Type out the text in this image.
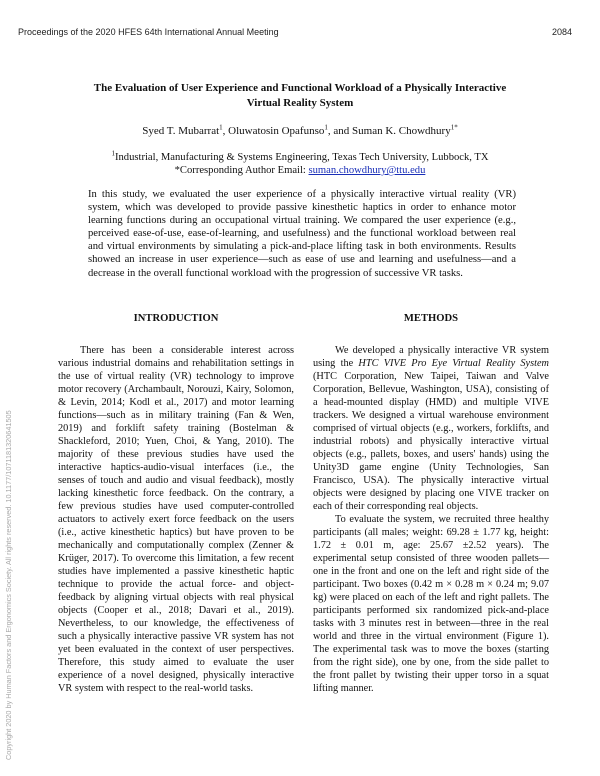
Proceedings of the 2020 HFES 64th International Annual Meeting	2084
Copyright 2020 by Human Factors and Ergonomics Society. All rights reserved. 10.1177/1071181320641505
The Evaluation of User Experience and Functional Workload of a Physically Interactive Virtual Reality System
Syed T. Mubarrat$^1$, Oluwatosin Opafunso$^1$, and Suman K. Chowdhury$^{1*}$
$^1$Industrial, Manufacturing & Systems Engineering, Texas Tech University, Lubbock, TX
*Corresponding Author Email: suman.chowdhury@ttu.edu
In this study, we evaluated the user experience of a physically interactive virtual reality (VR) system, which was developed to provide passive kinesthetic haptics in order to enhance motor learning functions during an occupational virtual training. We compared the user experience (e.g., perceived ease-of-use, ease-of-learning, and usefulness) and the functional workload between real and virtual environments by simulating a pick-and-place lifting task in both environments. Results showed an increase in user experience—such as ease of use and learning and usefulness—and a decrease in the overall functional workload with the progression of successive VR tasks.
INTRODUCTION

There has been a considerable interest across various industrial domains and rehabilitation settings in the use of virtual reality (VR) technology to improve motor recovery (Archambault, Norouzi, Kairy, Solomon, & Levin, 2014; Kodl et al., 2017) and motor learning functions—such as in military training (Fan & Wen, 2019) and forklift safety training (Bostelman & Shackleford, 2010; Yuen, Choi, & Yang, 2010). The majority of these previous studies have used the interactive haptics-audio-visual interfaces (i.e., the senses of touch and audio and visual feedback), mostly lacking kinesthetic force feedback. On the contrary, a few previous studies have used computer-controlled actuators to actively exert force feedback on the users (i.e., active kinesthetic haptics) but have proven to be mechanically and computationally complex (Zenner & Krüger, 2017). To overcome this limitation, a few recent studies have implemented a passive kinesthetic haptic technique to provide the actual force- and object-feedback by aligning virtual objects with real physical objects (Cooper et al., 2018; Davari et al., 2019). Nevertheless, to our knowledge, the effectiveness of such a physically interactive passive VR system has not yet been evaluated in the context of user perspectives. Therefore, this study aimed to evaluate the user experience of a novel designed, physically interactive VR system with respect to the real-world tasks.

METHODS

We developed a physically interactive VR system using the HTC VIVE Pro Eye Virtual Reality System (HTC Corporation, New Taipei, Taiwan and Valve Corporation, Bellevue, Washington, USA), consisting of a head-mounted display (HMD) and multiple VIVE trackers. We designed a virtual warehouse environment comprised of virtual objects (e.g., workers, forklifts, and industrial robots) and physically interactive virtual objects (e.g., pallets, boxes, and users' hands) using the Unity3D game engine (Unity Technologies, San Francisco, USA). The physically interactive virtual objects were designed by placing one VIVE tracker on each of their corresponding real objects.

To evaluate the system, we recruited three healthy participants (all males; weight: 69.28 ± 1.77 kg, height: 1.72 ± 0.01 m, age: 25.67 ±2.52 years). The experimental setup consisted of three wooden pallets—one in the front and one on the left and right side of the participant. Two boxes (0.42 m × 0.28 m × 0.24 m; 9.07 kg) were placed on each of the left and right pallets. The participants performed six randomized pick-and-place tasks with 3 minutes rest in between—three in the real world and three in the virtual environment (Figure 1). The experimental task was to move the boxes (starting from the right side), one by one, from the side pallet to the front pallet by twisting their upper torso in a squat lifting manner.
